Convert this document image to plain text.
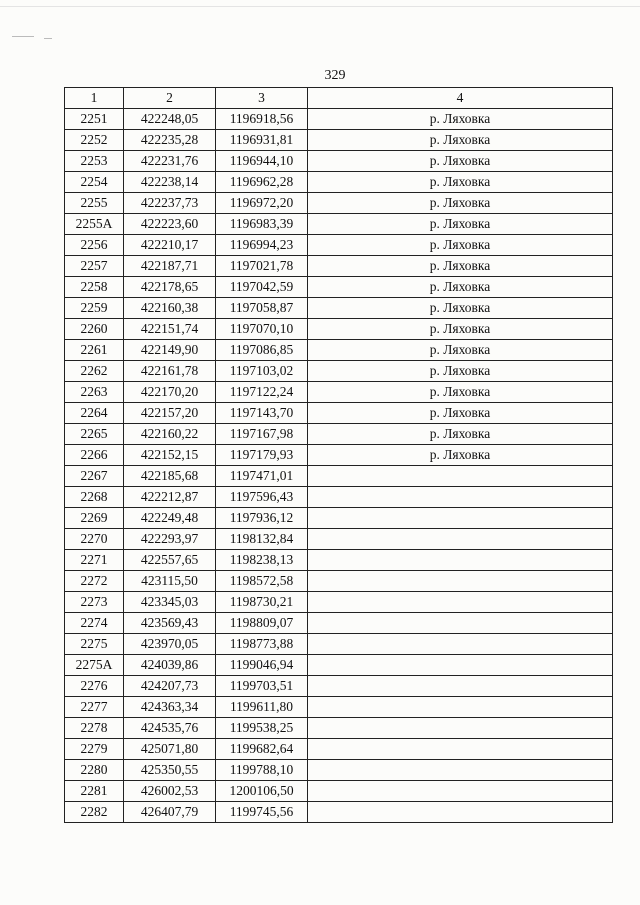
329
1	2	3	4
2251	422248,05	1196918,56	р. Ляховка
2252	422235,28	1196931,81	р. Ляховка
2253	422231,76	1196944,10	р. Ляховка
2254	422238,14	1196962,28	р. Ляховка
2255	422237,73	1196972,20	р. Ляховка
2255А	422223,60	1196983,39	р. Ляховка
2256	422210,17	1196994,23	р. Ляховка
2257	422187,71	1197021,78	р. Ляховка
2258	422178,65	1197042,59	р. Ляховка
2259	422160,38	1197058,87	р. Ляховка
2260	422151,74	1197070,10	р. Ляховка
2261	422149,90	1197086,85	р. Ляховка
2262	422161,78	1197103,02	р. Ляховка
2263	422170,20	1197122,24	р. Ляховка
2264	422157,20	1197143,70	р. Ляховка
2265	422160,22	1197167,98	р. Ляховка
2266	422152,15	1197179,93	р. Ляховка
2267	422185,68	1197471,01	
2268	422212,87	1197596,43	
2269	422249,48	1197936,12	
2270	422293,97	1198132,84	
2271	422557,65	1198238,13	
2272	423115,50	1198572,58	
2273	423345,03	1198730,21	
2274	423569,43	1198809,07	
2275	423970,05	1198773,88	
2275А	424039,86	1199046,94	
2276	424207,73	1199703,51	
2277	424363,34	1199611,80	
2278	424535,76	1199538,25	
2279	425071,80	1199682,64	
2280	425350,55	1199788,10	
2281	426002,53	1200106,50	
2282	426407,79	1199745,56	
